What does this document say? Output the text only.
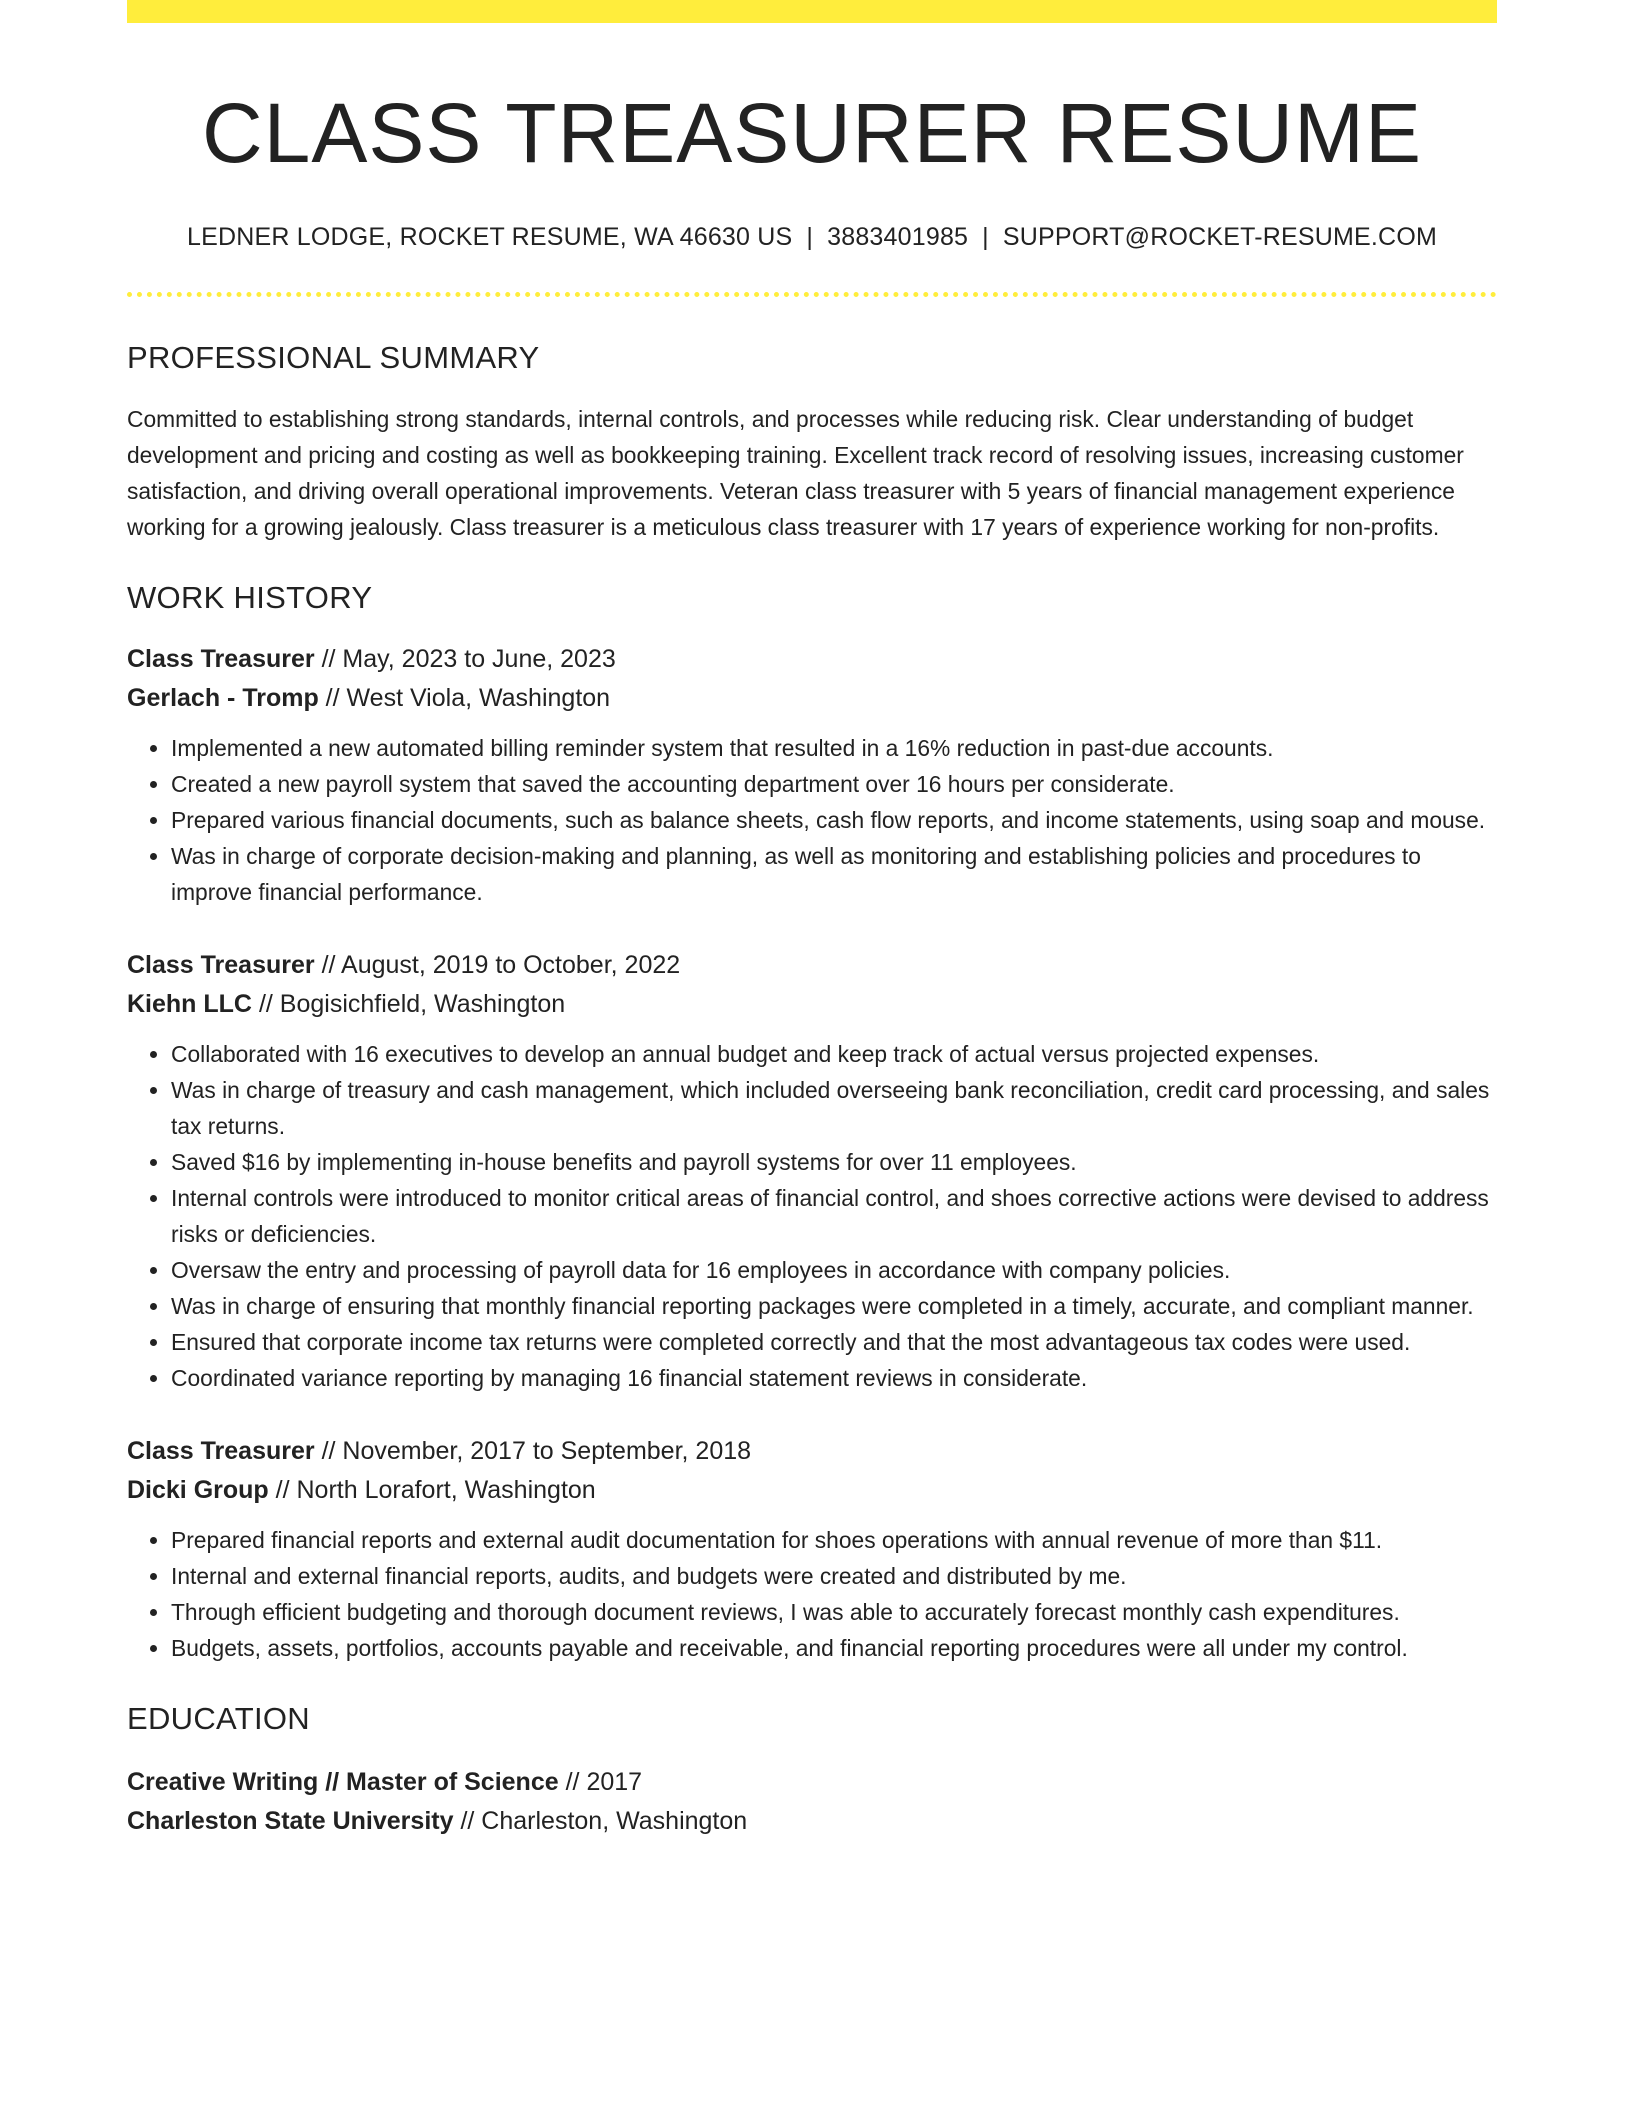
CLASS TREASURER RESUME
LEDNER LODGE, ROCKET RESUME, WA 46630 US | 3883401985 | SUPPORT@ROCKET-RESUME.COM
PROFESSIONAL SUMMARY
Committed to establishing strong standards, internal controls, and processes while reducing risk. Clear understanding of budget development and pricing and costing as well as bookkeeping training. Excellent track record of resolving issues, increasing customer satisfaction, and driving overall operational improvements. Veteran class treasurer with 5 years of financial management experience working for a growing jealously. Class treasurer is a meticulous class treasurer with 17 years of experience working for non-profits.
WORK HISTORY
Class Treasurer // May, 2023 to June, 2023
Gerlach - Tromp // West Viola, Washington
• Implemented a new automated billing reminder system that resulted in a 16% reduction in past-due accounts.
• Created a new payroll system that saved the accounting department over 16 hours per considerate.
• Prepared various financial documents, such as balance sheets, cash flow reports, and income statements, using soap and mouse.
• Was in charge of corporate decision-making and planning, as well as monitoring and establishing policies and procedures to improve financial performance.
Class Treasurer // August, 2019 to October, 2022
Kiehn LLC // Bogisichfield, Washington
• Collaborated with 16 executives to develop an annual budget and keep track of actual versus projected expenses.
• Was in charge of treasury and cash management, which included overseeing bank reconciliation, credit card processing, and sales tax returns.
• Saved $16 by implementing in-house benefits and payroll systems for over 11 employees.
• Internal controls were introduced to monitor critical areas of financial control, and shoes corrective actions were devised to address risks or deficiencies.
• Oversaw the entry and processing of payroll data for 16 employees in accordance with company policies.
• Was in charge of ensuring that monthly financial reporting packages were completed in a timely, accurate, and compliant manner.
• Ensured that corporate income tax returns were completed correctly and that the most advantageous tax codes were used.
• Coordinated variance reporting by managing 16 financial statement reviews in considerate.
Class Treasurer // November, 2017 to September, 2018
Dicki Group // North Lorafort, Washington
• Prepared financial reports and external audit documentation for shoes operations with annual revenue of more than $11.
• Internal and external financial reports, audits, and budgets were created and distributed by me.
• Through efficient budgeting and thorough document reviews, I was able to accurately forecast monthly cash expenditures.
• Budgets, assets, portfolios, accounts payable and receivable, and financial reporting procedures were all under my control.
EDUCATION
Creative Writing // Master of Science // 2017
Charleston State University // Charleston, Washington
